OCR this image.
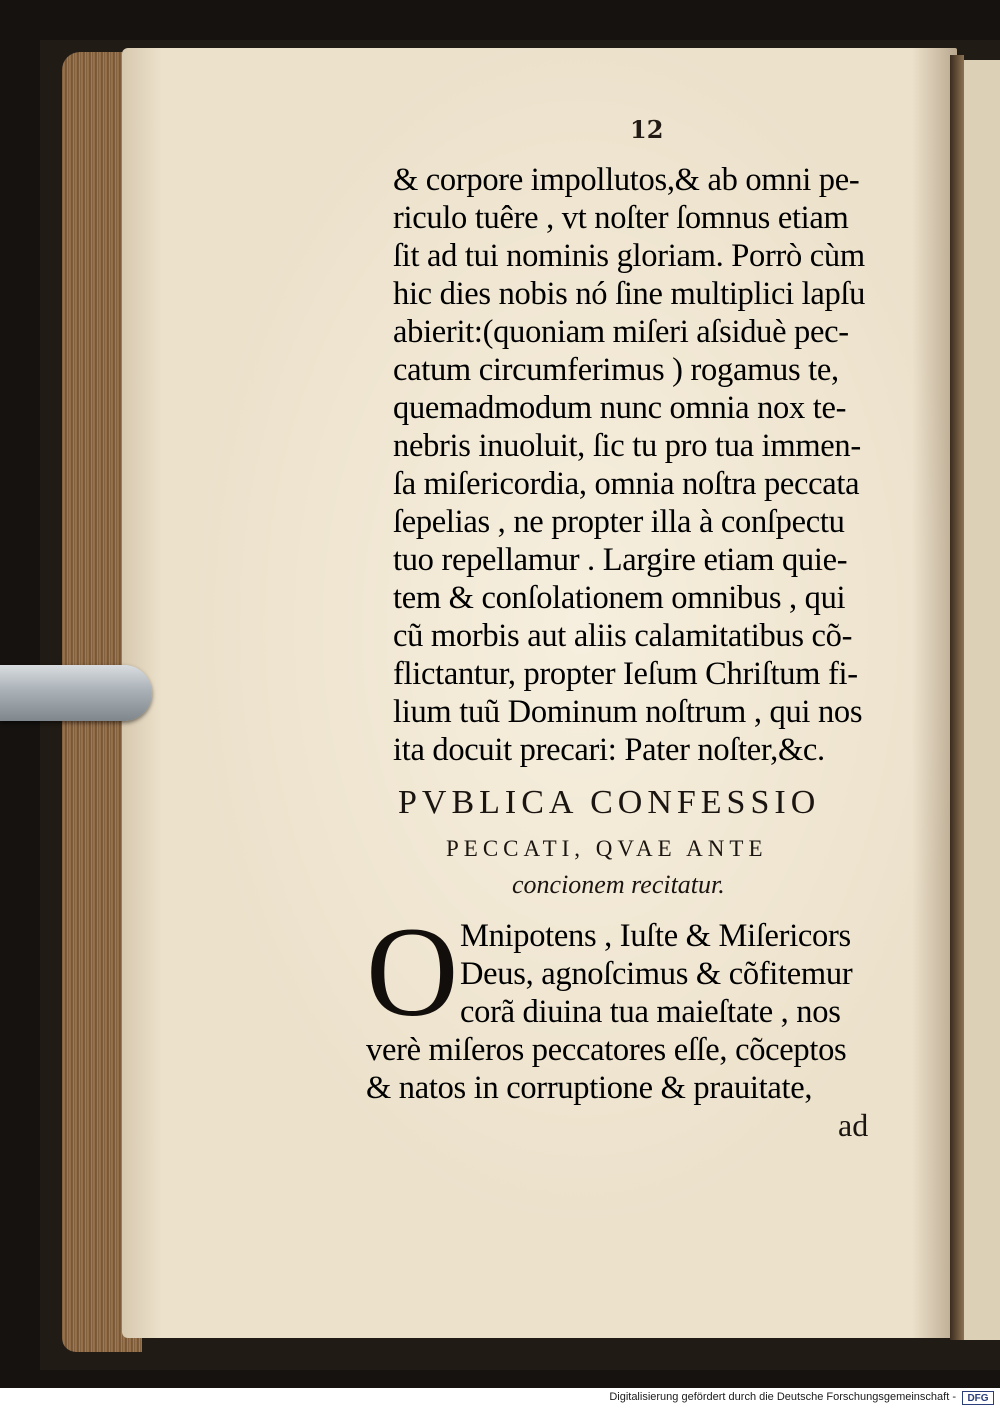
12
& corpore impollutos,& ab omni pe-
riculo tuêre , vt noſter ſomnus etiam
ſit ad tui nominis gloriam. Porrò cùm
hic dies nobis nó ſine multiplici lapſu
abierit:(quoniam miſeri aſsiduè pec-
catum circumferimus ) rogamus te,
quemadmodum nunc omnia nox te-
nebris inuoluit, ſic tu pro tua immen-
ſa miſericordia, omnia noſtra peccata
ſepelias , ne propter illa à conſpectu
tuo repellamur . Largire etiam quie-
tem & conſolationem omnibus , qui
cũ morbis aut aliis calamitatibus cõ-
flictantur, propter Ieſum Chriſtum fi-
lium tuũ Dominum noſtrum , qui nos
ita docuit precari: Pater noſter,&c.
PVBLICA CONFESSIO
PECCATI, QVAE ANTE
concionem recitatur.
O Mnipotens , Iuſte & Miſericors
Deus, agnoſcimus & cõfitemur
corã diuina tua maieſtate , nos
verè miſeros peccatores eſſe, cõceptos
& natos in corruptione & prauitate,
ad
Digitalisierung gefördert durch die Deutsche Forschungsgemeinschaft -	DFG
